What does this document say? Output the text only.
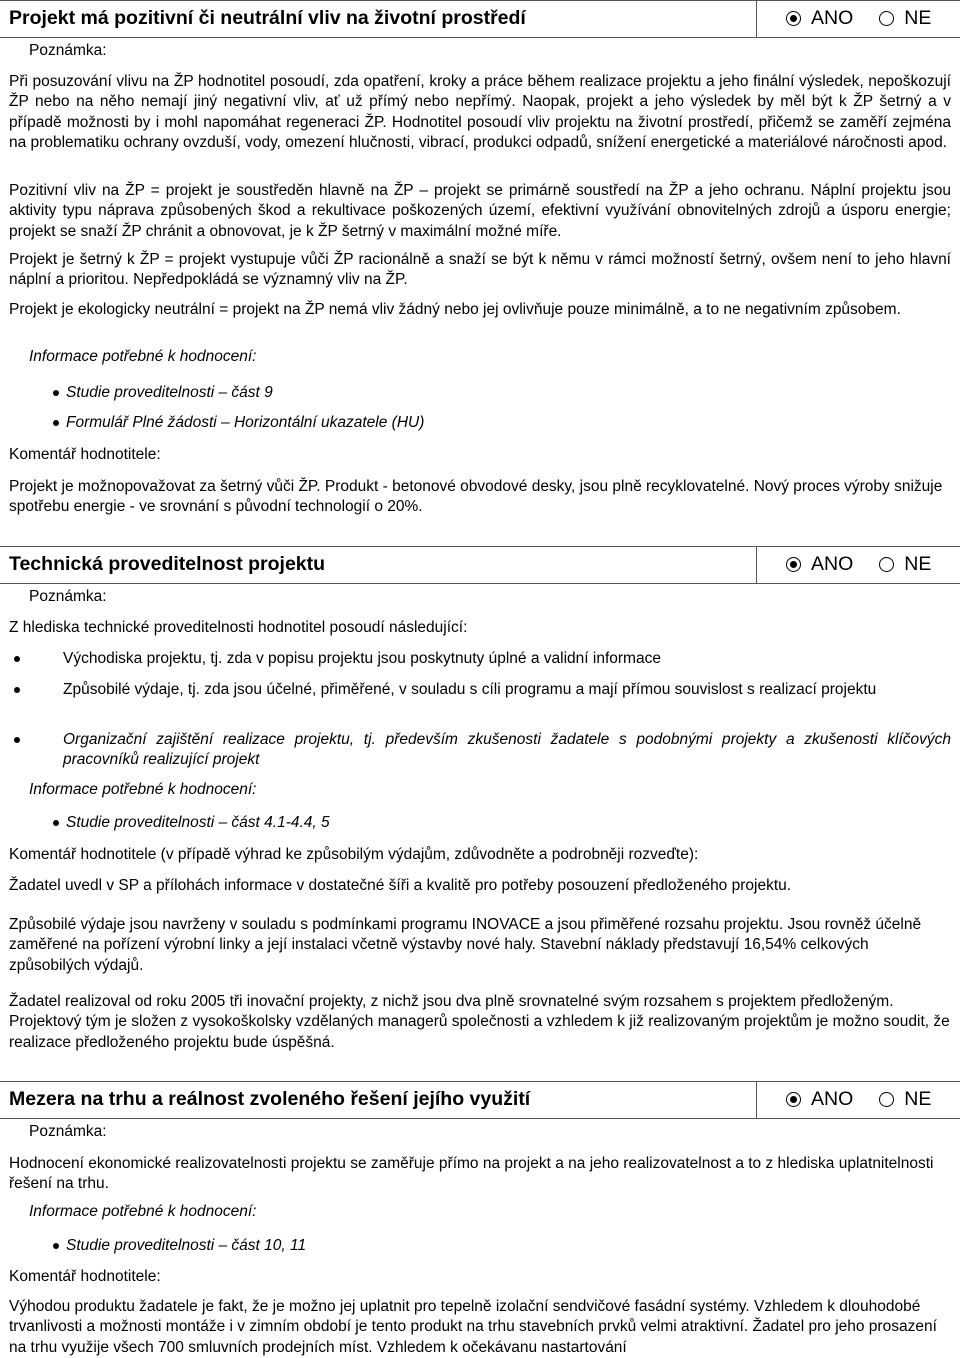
Projekt má pozitivní či neutrální vliv na životní prostředí	ANO	NE
Poznámka:
Při posuzování vlivu na ŽP hodnotitel posoudí, zda opatření, kroky a práce během realizace projektu a jeho finální výsledek, nepoškozují ŽP nebo na něho nemají jiný negativní vliv, ať už přímý nebo nepřímý. Naopak, projekt a jeho výsledek by měl být k ŽP šetrný a v případě možnosti by i mohl napomáhat regeneraci ŽP. Hodnotitel posoudí vliv projektu na životní prostředí, přičemž se zaměří zejména na problematiku ochrany ovzduší, vody, omezení hlučnosti, vibrací, produkci odpadů, snížení energetické a materiálové náročnosti apod.
Pozitivní vliv na ŽP = projekt je soustředěn hlavně na ŽP – projekt se primárně soustředí na ŽP a jeho ochranu. Náplní projektu jsou aktivity typu náprava způsobených škod a rekultivace poškozených území, efektivní využívání obnovitelných zdrojů a úsporu energie; projekt se snaží ŽP chránit a obnovovat, je k ŽP šetrný v maximální možné míře.
Projekt je šetrný k ŽP = projekt vystupuje vůči ŽP racionálně a snaží se být k němu v rámci možností šetrný, ovšem není to jeho hlavní náplní a prioritou. Nepředpokládá se významný vliv na ŽP.
Projekt je ekologicky neutrální = projekt na ŽP nemá vliv žádný nebo jej ovlivňuje pouze minimálně, a to ne negativním způsobem.
Informace potřebné k hodnocení:
Studie proveditelnosti – část 9
Formulář Plné žádosti – Horizontální ukazatele (HU)
Komentář hodnotitele:
Projekt je možnopovažovat za šetrný vůči ŽP. Produkt - betonové obvodové desky, jsou plně recyklovatelné. Nový proces výroby snižuje spotřebu energie - ve srovnání s původní technologií o 20%.
Technická proveditelnost projektu	ANO	NE
Poznámka:
Z hlediska technické proveditelnosti hodnotitel posoudí následující:
Východiska projektu, tj. zda v popisu projektu jsou poskytnuty úplné a validní informace
Způsobilé výdaje, tj. zda jsou účelné, přiměřené, v souladu s cíli programu a mají přímou souvislost s realizací projektu
Organizační zajištění realizace projektu, tj. především zkušenosti žadatele s podobnými projekty a zkušenosti klíčových pracovníků realizující projekt
Informace potřebné k hodnocení:
Studie proveditelnosti – část 4.1-4.4, 5
Komentář hodnotitele (v případě výhrad ke způsobilým výdajům, zdůvodněte a podrobněji rozveďte):
Žadatel uvedl v SP a přílohách informace v dostatečné šíři a kvalitě pro potřeby posouzení předloženého projektu.
Způsobilé výdaje jsou navrženy v souladu s podmínkami programu INOVACE a jsou přiměřené rozsahu projektu. Jsou rovněž účelně zaměřené na pořízení výrobní linky a její instalaci včetně výstavby nové haly. Stavební náklady představují 16,54% celkových způsobilých výdajů.
Žadatel realizoval od roku 2005 tři inovační projekty, z nichž jsou dva plně srovnatelné svým rozsahem s projektem předloženým. Projektový tým je složen z vysokoškolsky vzdělaných managerů společnosti a vzhledem k již realizovaným projektům je možno soudit, že realizace předloženého projektu bude úspěšná.
Mezera na trhu a reálnost zvoleného řešení jejího využití	ANO	NE
Poznámka:
Hodnocení ekonomické realizovatelnosti projektu se zaměřuje přímo na projekt a na jeho realizovatelnost a to z hlediska uplatnitelnosti řešení na trhu.
Informace potřebné k hodnocení:
Studie proveditelnosti – část 10, 11
Komentář hodnotitele:
Výhodou produktu žadatele je fakt, že je možno jej uplatnit pro tepelně izolační sendvičové fasádní systémy. Vzhledem k dlouhodobé trvanlivosti a možnosti montáže i v zimním období je tento produkt na trhu stavebních prvků velmi atraktivní. Žadatel pro jeho prosazení na trhu využije všech 700 smluvních prodejních míst. Vzhledem k očekávanu nastartování
